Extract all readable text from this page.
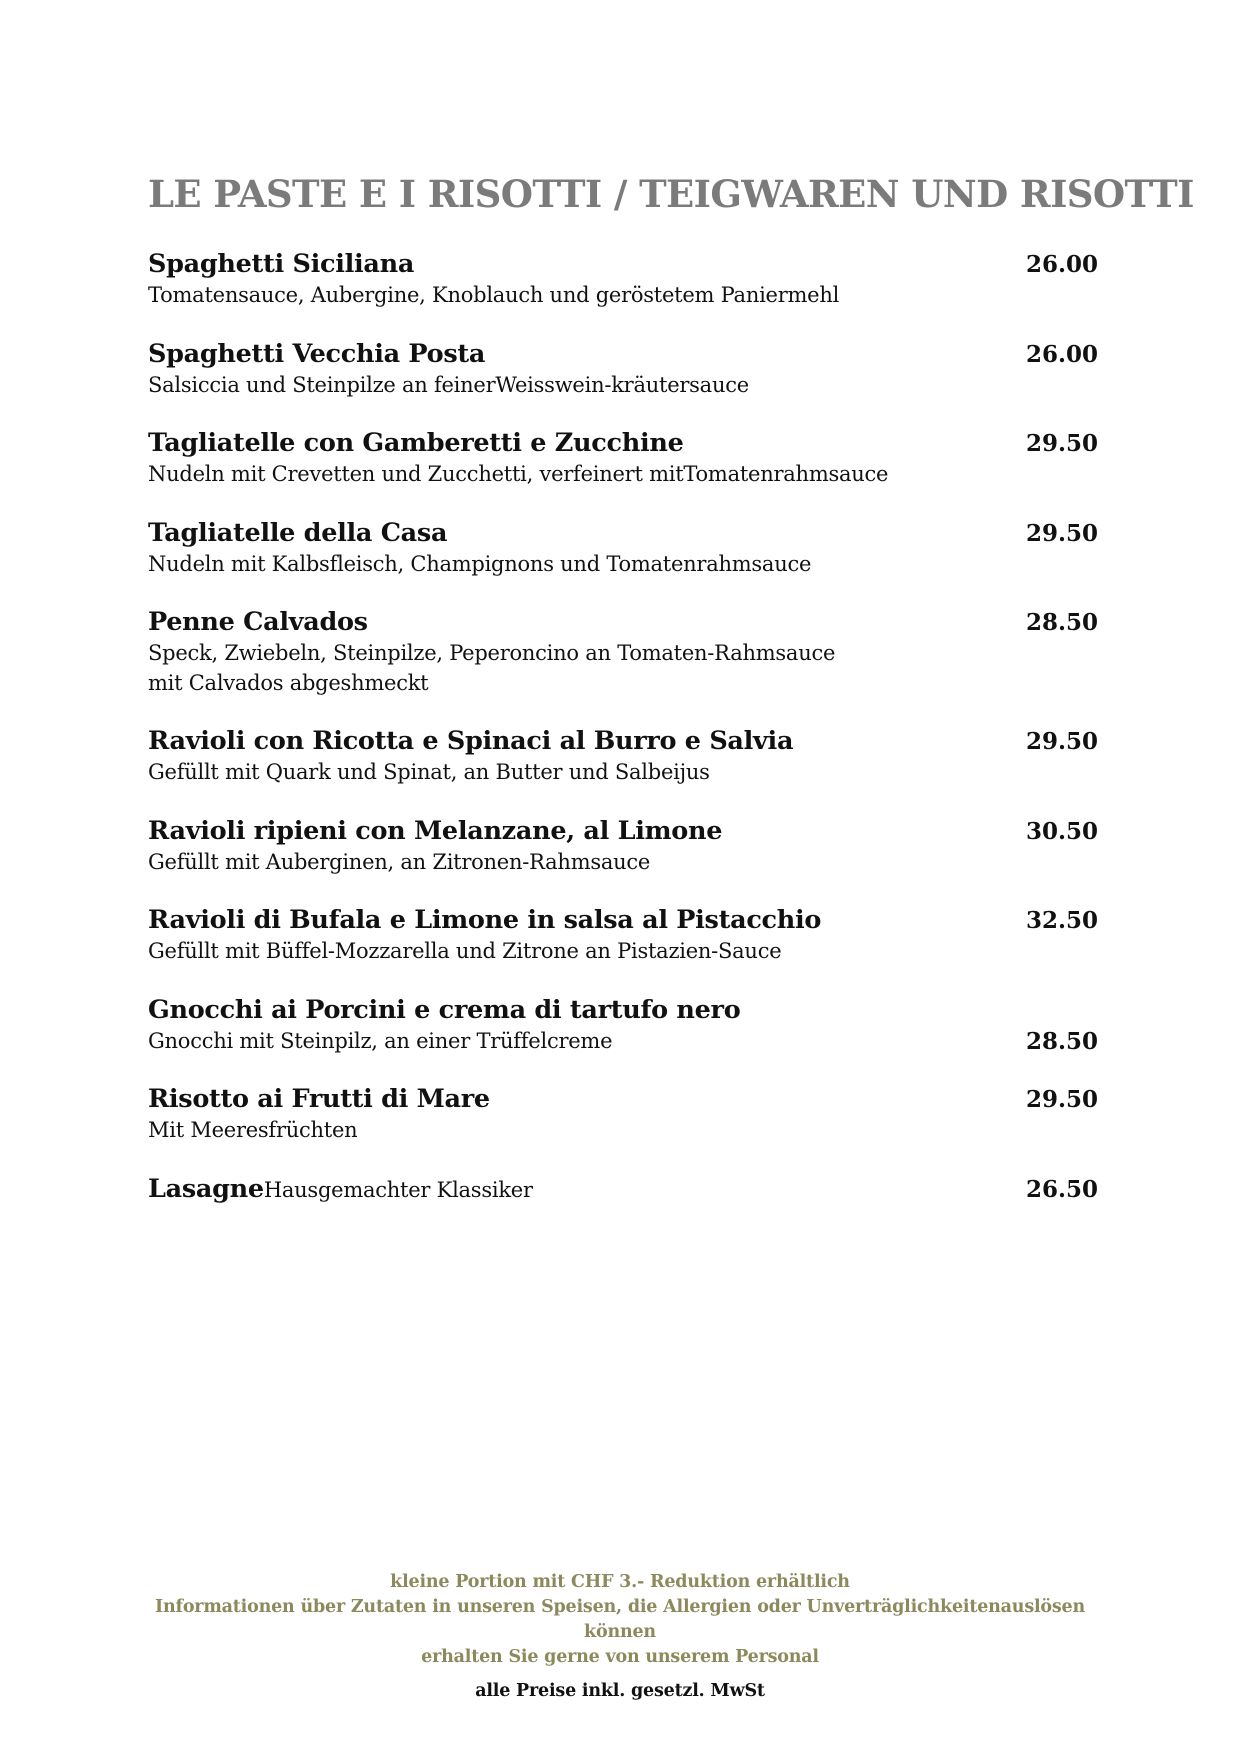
LE PASTE E I RISOTTI / TEIGWAREN UND RISOTTI
Spaghetti Siciliana	26.00
Tomatensauce, Aubergine, Knoblauch und geröstetem Paniermehl
Spaghetti Vecchia Posta	26.00
Salsiccia und Steinpilze an feinerWeisswein-kräutersauce
Tagliatelle con Gamberetti e Zucchine	29.50
Nudeln mit Crevetten und Zucchetti, verfeinert mitTomatenrahmsauce
Tagliatelle della Casa	29.50
Nudeln mit Kalbsfleisch, Champignons und Tomatenrahmsauce
Penne Calvados	28.50
Speck, Zwiebeln, Steinpilze, Peperoncino an Tomaten-Rahmsauce
mit Calvados abgeshmeckt
Ravioli con Ricotta e Spinaci al Burro e Salvia	29.50
Gefüllt mit Quark und Spinat, an Butter und Salbeijus
Ravioli ripieni con Melanzane, al Limone	30.50
Gefüllt mit Auberginen, an Zitronen-Rahmsauce
Ravioli di Bufala e Limone in salsa al Pistacchio	32.50
Gefüllt mit Büffel-Mozzarella und Zitrone an Pistazien-Sauce
Gnocchi ai Porcini e crema di tartufo nero
Gnocchi mit Steinpilz, an einer Trüffelcreme	28.50
Risotto ai Frutti di Mare	29.50
Mit Meeresfrüchten
LasagneHausgemachter Klassiker	26.50
kleine Portion mit CHF 3.- Reduktion erhältlich
Informationen über Zutaten in unseren Speisen, die Allergien oder Unverträglichkeitenauslösen können
erhalten Sie gerne von unserem Personal
alle Preise inkl. gesetzl. MwSt
